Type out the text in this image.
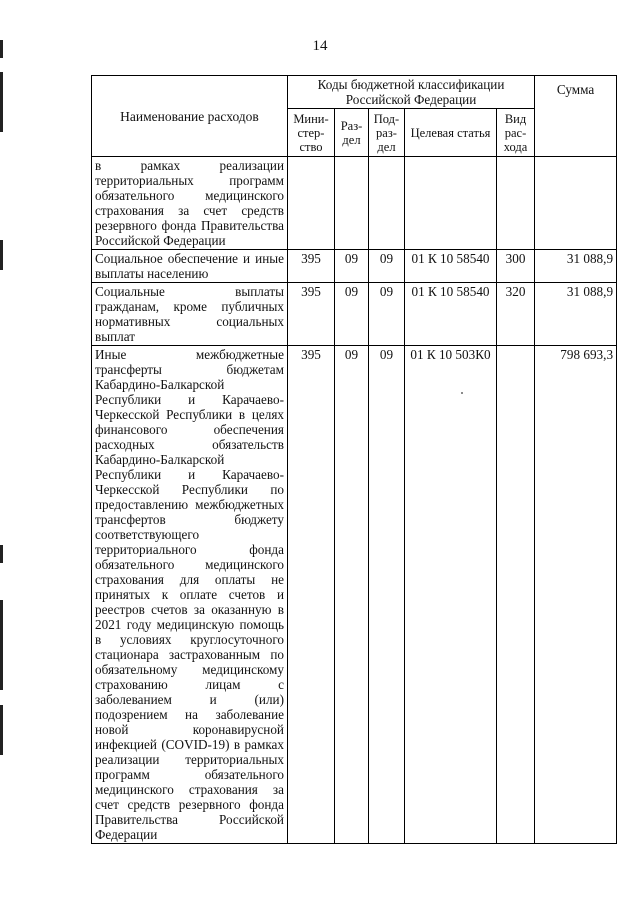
14
Наименование расходов	Коды бюджетной классификации Российской Федерации					Сумма
	Мини-стер-ство	Раз-дел	Под-раз-дел	Целевая статья	Вид рас-хода	
в рамках реализации территориальных программ обязательного медицинского страхования за счет средств резервного фонда Правительства Российской Федерации						
Социальное обеспечение и иные выплаты населению	395	09	09	01 К 10 58540	300	31 088,9
Социальные выплаты гражданам, кроме публичных нормативных социальных выплат	395	09	09	01 К 10 58540	320	31 088,9
Иные межбюджетные трансферты бюджетам Кабардино-Балкарской Республики и Карачаево-Черкесской Республики в целях финансового обеспечения расходных обязательств Кабардино-Балкарской Республики и Карачаево-Черкесской Республики по предоставлению межбюджетных трансфертов бюджету соответствующего территориального фонда обязательного медицинского страхования для оплаты не принятых к оплате счетов и реестров счетов за оказанную в 2021 году медицинскую помощь в условиях круглосуточного стационара застрахованным по обязательному медицинскому страхованию лицам с заболеванием и (или) подозрением на заболевание новой коронавирусной инфекцией (COVID-19) в рамках реализации территориальных программ обязательного медицинского страхования за счет средств резервного фонда Правительства Российской Федерации	395	09	09	01 К 10 503К0		798 693,3
